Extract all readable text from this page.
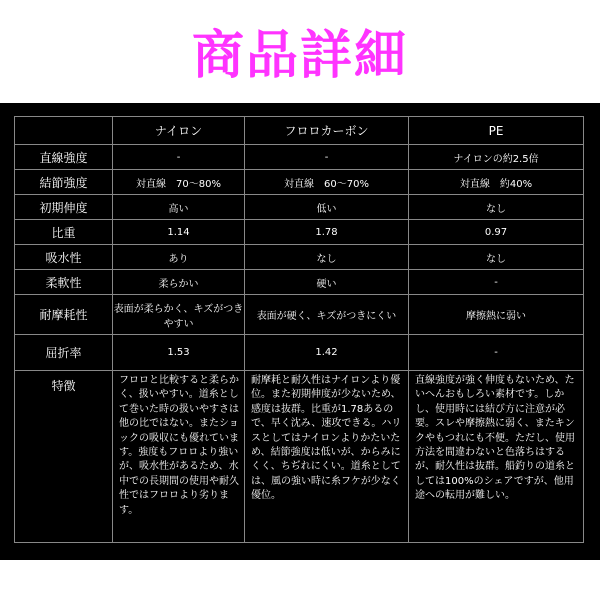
商品詳細
	ナイロン	フロロカーボン	PE
直線強度	-	-	ナイロンの約2.5倍
結節強度	対直線　70〜80%	対直線　60〜70%	対直線　約40%
初期伸度	高い	低い	なし
比重	1.14	1.78	0.97
吸水性	あり	なし	なし
柔軟性	柔らかい	硬い	-
耐摩耗性	表面が柔らかく、キズがつきやすい	表面が硬く、キズがつきにくい	摩擦熱に弱い
屈折率	1.53	1.42	-
特徴	フロロと比較すると柔らかく、扱いやすい。道糸として巻いた時の扱いやすさは他の比ではない。またショックの吸収にも優れています。強度もフロロより強いが、吸水性があるため、水中での長期間の使用や耐久性ではフロロより劣ります。	耐摩耗と耐久性はナイロンより優位。また初期伸度が少ないため、感度は抜群。比重が1.78あるので、早く沈み、速攻できる。ハリスとしてはナイロンよりかたいため、結節強度は低いが、からみにくく、ちぢれにくい。道糸としては、風の強い時に糸フケが少なく優位。	直線強度が強く伸度もないため、たいへんおもしろい素材です。しかし、使用時には結び方に注意が必要。スレや摩擦熱に弱く、またキンクやもつれにも不便。ただし、使用方法を間違わないと色落ちはするが、耐久性は抜群。船釣りの道糸としては100%のシェアですが、他用途への転用が難しい。
